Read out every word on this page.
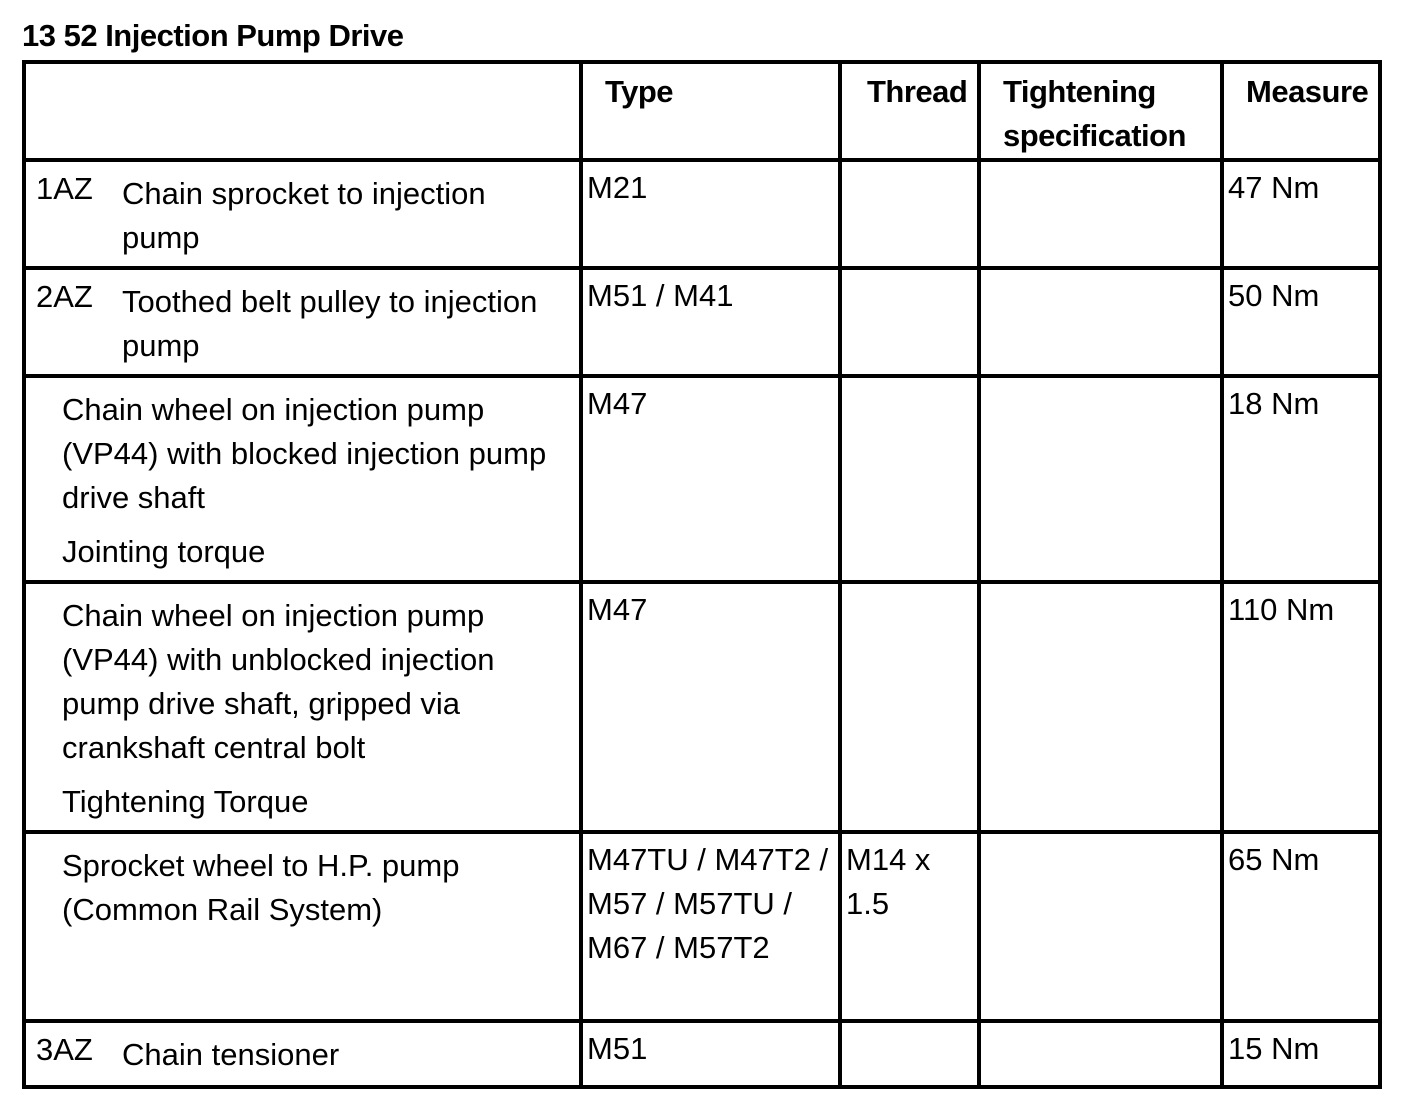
13 52 Injection Pump Drive

	Type	Thread	Tightening
specification	Measure

1AZ Chain sprocket to injection pump	M21			47 Nm

2AZ Toothed belt pulley to injection pump	M51 / M41			50 Nm

Chain wheel on injection pump (VP44) with blocked injection pump drive shaft
Jointing torque	M47			18 Nm

Chain wheel on injection pump (VP44) with unblocked injection pump drive shaft, gripped via crankshaft central bolt
Tightening Torque	M47			110 Nm

Sprocket wheel to H.P. pump (Common Rail System)	M47TU / M47T2 / M57 / M57TU / M67 / M57T2	M14 x 1.5		65 Nm

3AZ Chain tensioner	M51			15 Nm
